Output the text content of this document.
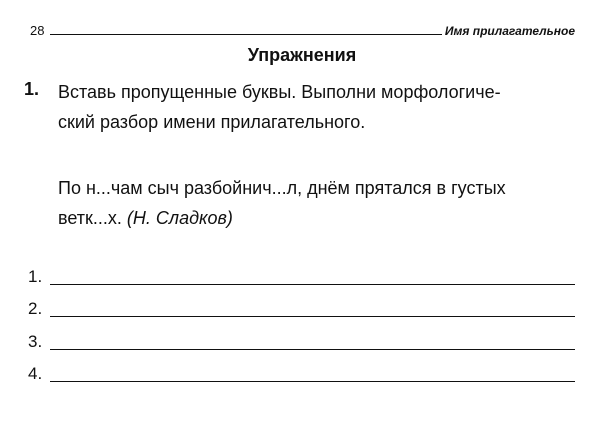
28	Имя прилагательное
Упражнения
1. Вставь пропущенные буквы. Выполни морфологиче-
ский разбор имени прилагательного.
По н...чам сыч разбойнич...л, днём прятался в густых
ветк...х. (Н. Сладков)
1.
2.
3.
4.
